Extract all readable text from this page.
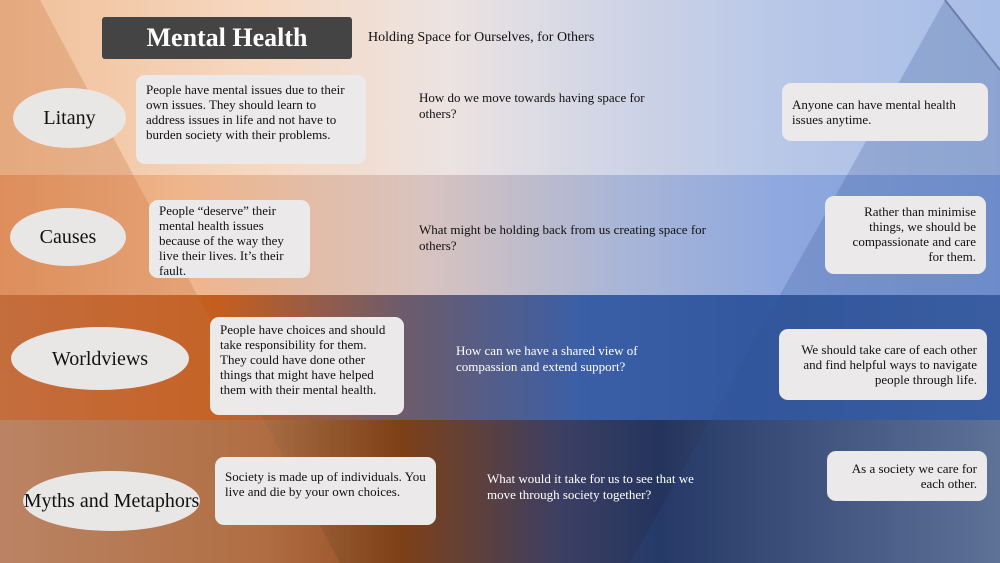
Mental Health	Holding Space for Ourselves, for Others
Litany
People have mental issues due to their own issues. They should learn to address issues in life and not have to burden society with their problems.
How do we move towards having space for others?
Anyone can have mental health issues anytime.
Causes
People “deserve” their mental health issues because of the way they live their lives. It’s their fault.
What might be holding back from us creating space for others?
Rather than minimise things, we should be compassionate and care for them.
Worldviews
People have choices and should take responsibility for them. They could have done other things that might have helped them with their mental health.
How can we have a shared view of compassion and extend support?
We should take care of each other and find helpful ways to navigate people through life.
Myths and Metaphors
Society is made up of individuals. You live and die by your own choices.
What would it take for us to see that we move through society together?
As a society we care for each other.
